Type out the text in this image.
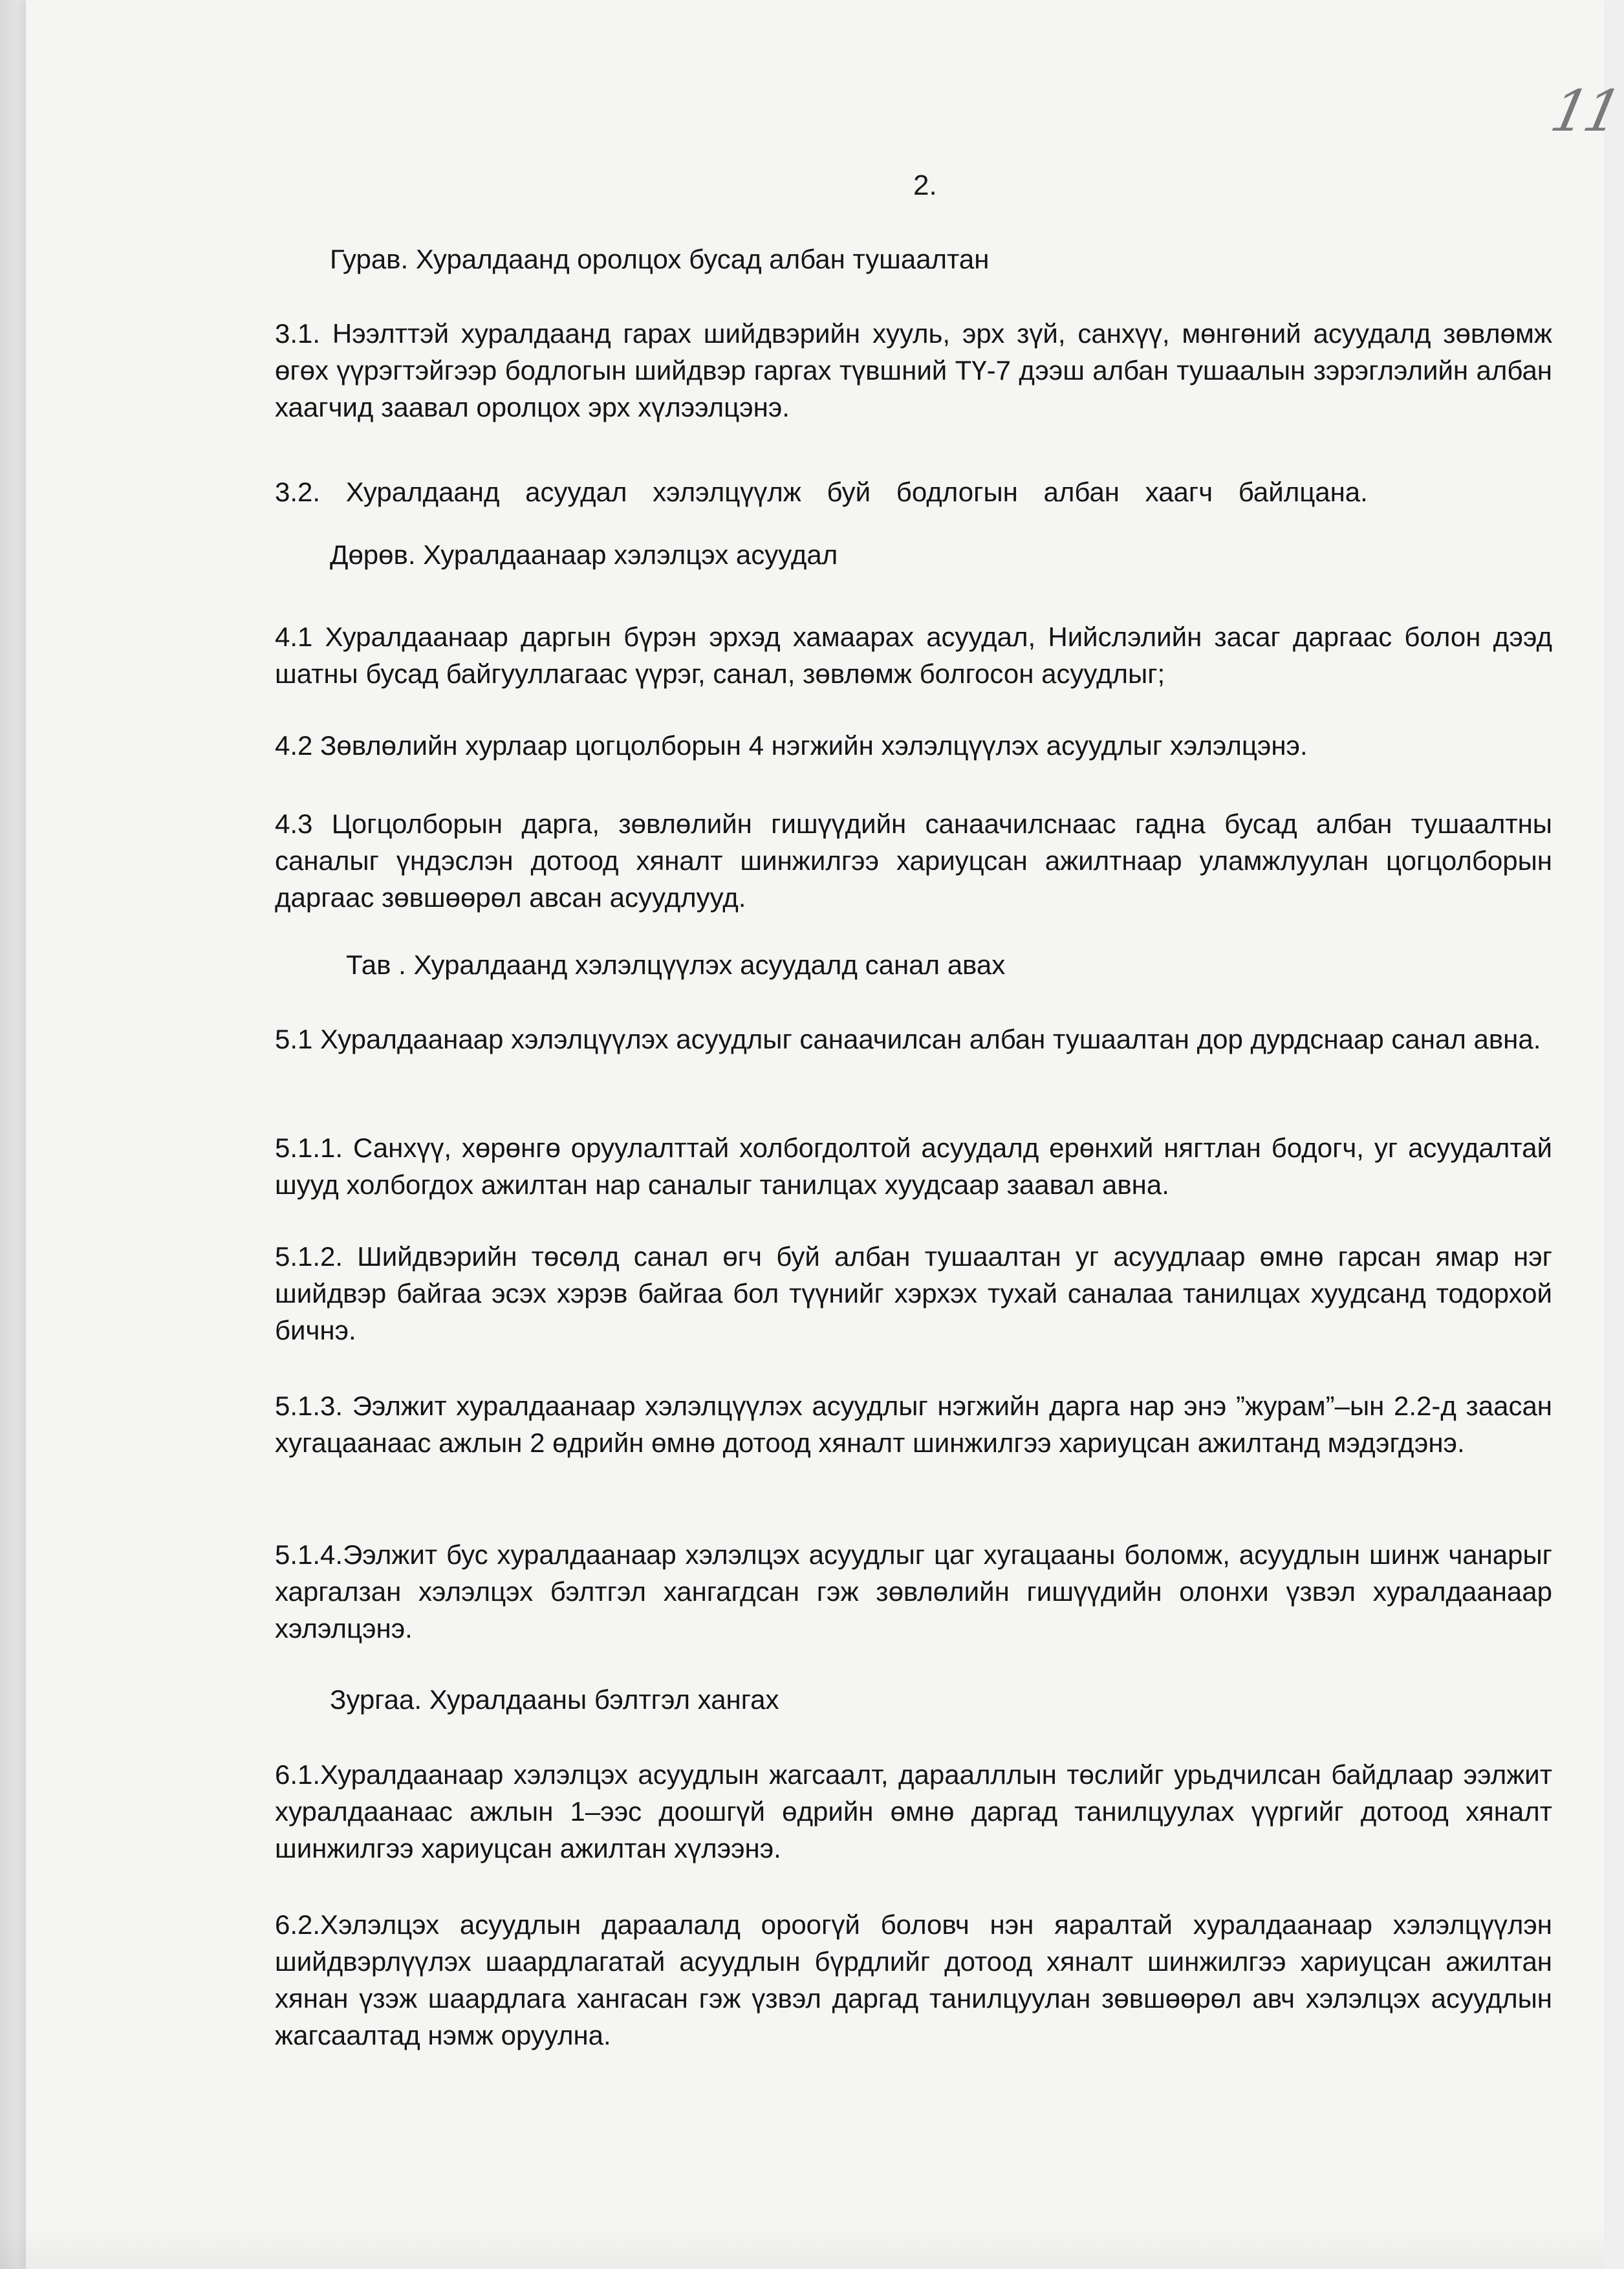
11
2.

Гурав. Хуралдаанд оролцох бусад албан тушаалтан

3.1. Нээлттэй хуралдаанд гарах шийдвэрийн хууль, эрх зүй, санхүү, мөнгөний асуудалд зөвлөмж өгөх үүрэгтэйгээр бодлогын шийдвэр гаргах түвшний ТҮ-7 дээш албан тушаалын зэрэглэлийн албан хаагчид заавал оролцох эрх хүлээлцэнэ.

3.2. Хуралдаанд асуудал хэлэлцүүлж буй бодлогын албан хаагч байлцана.

Дөрөв. Хуралдаанаар хэлэлцэх асуудал

4.1 Хуралдаанаар даргын бүрэн эрхэд хамаарах асуудал, Нийслэлийн засаг даргаас болон дээд шатны бусад байгууллагаас үүрэг, санал, зөвлөмж болгосон асуудлыг;

4.2 Зөвлөлийн хурлаар цогцолборын 4 нэгжийн хэлэлцүүлэх асуудлыг хэлэлцэнэ.

4.3 Цогцолборын дарга, зөвлөлийн гишүүдийн санаачилснаас гадна бусад албан тушаалтны саналыг үндэслэн дотоод хяналт шинжилгээ хариуцсан ажилтнаар уламжлуулан цогцолборын даргаас зөвшөөрөл авсан асуудлууд.

Тав . Хуралдаанд хэлэлцүүлэх асуудалд санал авах

5.1 Хуралдаанаар хэлэлцүүлэх асуудлыг санаачилсан албан тушаалтан дор дурдснаар санал авна.

5.1.1. Санхүү, хөрөнгө оруулалттай холбогдолтой асуудалд ерөнхий нягтлан бодогч, уг асуудалтай шууд холбогдох ажилтан нар саналыг танилцах хуудсаар заавал авна.

5.1.2. Шийдвэрийн төсөлд санал өгч буй албан тушаалтан уг асуудлаар өмнө гарсан ямар нэг шийдвэр байгаа эсэх хэрэв байгаа бол түүнийг хэрхэх тухай саналаа танилцах хуудсанд тодорхой бичнэ.

5.1.3. Ээлжит хуралдаанаар хэлэлцүүлэх асуудлыг нэгжийн дарга нар энэ ”журам”–ын 2.2-д заасан хугацаанаас ажлын 2 өдрийн өмнө дотоод хяналт шинжилгээ хариуцсан ажилтанд мэдэгдэнэ.

5.1.4.Ээлжит бус хуралдаанаар хэлэлцэх асуудлыг цаг хугацааны боломж, асуудлын шинж чанарыг харгалзан хэлэлцэх бэлтгэл хангагдсан гэж зөвлөлийн гишүүдийн олонхи үзвэл хуралдаанаар хэлэлцэнэ.

Зургаа. Хуралдааны бэлтгэл хангах

6.1.Хуралдаанаар хэлэлцэх асуудлын жагсаалт, дараалллын төслийг урьдчилсан байдлаар ээлжит хуралдаанаас ажлын 1–ээс доошгүй өдрийн өмнө даргад танилцуулах үүргийг дотоод хяналт шинжилгээ хариуцсан ажилтан хүлээнэ.

6.2.Хэлэлцэх асуудлын дараалалд ороогүй боловч нэн яаралтай хуралдаанаар хэлэлцүүлэн шийдвэрлүүлэх шаардлагатай асуудлын бүрдлийг дотоод хяналт шинжилгээ хариуцсан ажилтан хянан үзэж шаардлага хангасан гэж үзвэл даргад танилцуулан зөвшөөрөл авч хэлэлцэх асуудлын жагсаалтад нэмж оруулна.
